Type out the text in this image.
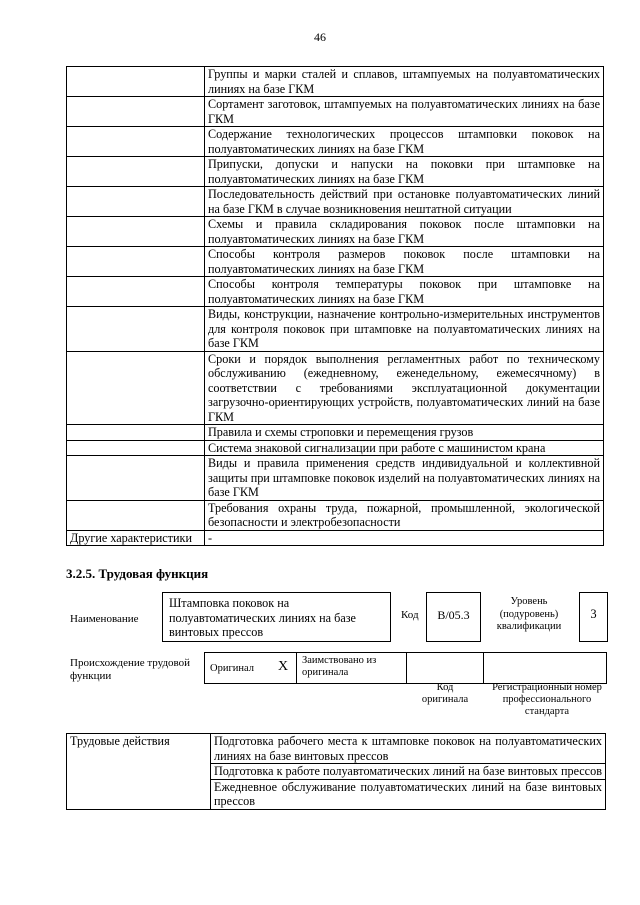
46
	Группы и марки сталей и сплавов, штампуемых на полуавтоматических линиях на базе ГКМ
	Сортамент заготовок, штампуемых на полуавтоматических линиях на базе ГКМ
	Содержание технологических процессов штамповки поковок на полуавтоматических линиях на базе ГКМ
	Припуски, допуски и напуски на поковки при штамповке на полуавтоматических линиях на базе ГКМ
	Последовательность действий при остановке полуавтоматических линий на базе ГКМ в случае возникновения нештатной ситуации
	Схемы и правила складирования поковок после штамповки на полуавтоматических линиях на базе ГКМ
	Способы контроля размеров поковок после штамповки на полуавтоматических линиях на базе ГКМ
	Способы контроля температуры поковок при штамповке на полуавтоматических линиях на базе ГКМ
	Виды, конструкции, назначение контрольно-измерительных инструментов для контроля поковок при штамповке на полуавтоматических линиях на базе ГКМ
	Сроки и порядок выполнения регламентных работ по техническому обслуживанию (ежедневному, еженедельному, ежемесячному) в соответствии с требованиями эксплуатационной документации загрузочно-ориентирующих устройств, полуавтоматических линий на базе ГКМ
	Правила и схемы строповки и перемещения грузов
	Система знаковой сигнализации при работе с машинистом крана
	Виды и правила применения средств индивидуальной и коллективной защиты при штамповке поковок изделий на полуавтоматических линиях на базе ГКМ
	Требования охраны труда, пожарной, промышленной, экологической безопасности и электробезопасности
Другие характеристики	-
3.2.5. Трудовая функция
Наименование
Штамповка поковок на полуавтоматических линиях на базе винтовых прессов
Код	B/05.3
Уровень (подуровень) квалификации
3
Происхождение трудовой функции
Оригинал X Заимствовано из оригинала
Код оригинала
Регистрационный номер профессионального стандарта
Трудовые действия	Подготовка рабочего места к штамповке поковок на полуавтоматических линиях на базе винтовых прессов
Подготовка к работе полуавтоматических линий на базе винтовых прессов
Ежедневное обслуживание полуавтоматических линий на базе винтовых прессов
